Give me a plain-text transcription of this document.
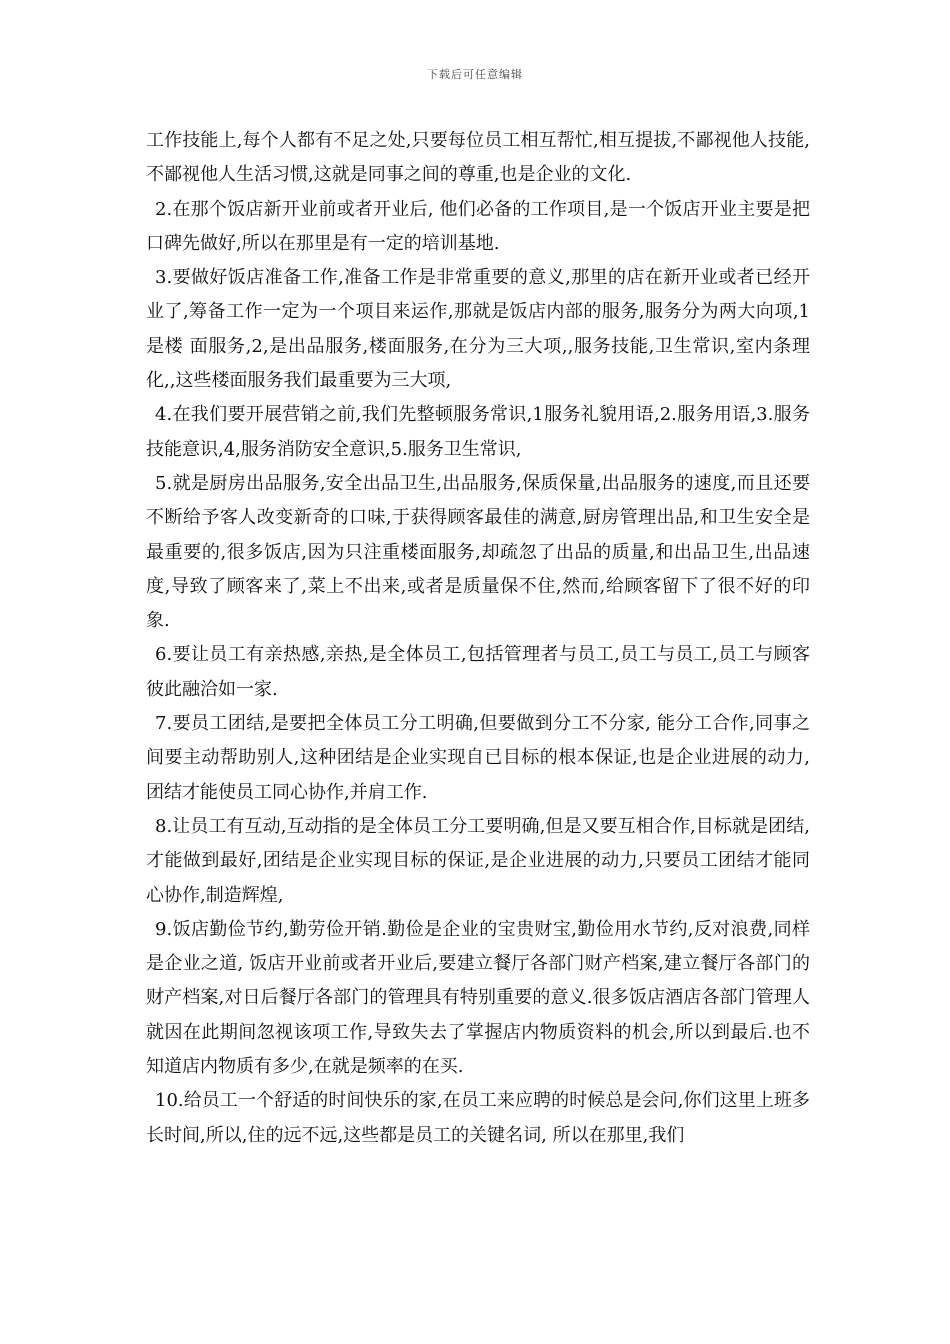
下载后可任意编辑

工作技能上,每个人都有不足之处,只要每位员工相互帮忙,相互提拔,不鄙视他人技能,不鄙视他人生活习惯,这就是同事之间的尊重,也是企业的文化.

2.在那个饭店新开业前或者开业后, 他们必备的工作项目,是一个饭店开业主要是把口碑先做好,所以在那里是有一定的培训基地.

3.要做好饭店准备工作,准备工作是非常重要的意义,那里的店在新开业或者已经开业了,筹备工作一定为一个项目来运作,那就是饭店内部的服务,服务分为两大向项,1是楼 面服务,2,是出品服务,楼面服务,在分为三大项,,服务技能,卫生常识,室内条理化,,这些楼面服务我们最重要为三大项,

4.在我们要开展营销之前,我们先整顿服务常识,1服务礼貌用语,2.服务用语,3.服务技能意识,4,服务消防安全意识,5.服务卫生常识,

5.就是厨房出品服务,安全出品卫生,出品服务,保质保量,出品服务的速度,而且还要不断给予客人改变新奇的口味,于获得顾客最佳的满意,厨房管理出品,和卫生安全是最重要的,很多饭店,因为只注重楼面服务,却疏忽了出品的质量,和出品卫生,出品速度,导致了顾客来了,菜上不出来,或者是质量保不住,然而,给顾客留下了很不好的印象.

6.要让员工有亲热感,亲热,是全体员工,包括管理者与员工,员工与员工,员工与顾客彼此融洽如一家.

7.要员工团结,是要把全体员工分工明确,但要做到分工不分家, 能分工合作,同事之间要主动帮助别人,这种团结是企业实现自已目标的根本保证,也是企业进展的动力,团结才能使员工同心协作,并肩工作.

8.让员工有互动,互动指的是全体员工分工要明确,但是又要互相合作,目标就是团结,才能做到最好,团结是企业实现目标的保证,是企业进展的动力,只要员工团结才能同心协作,制造辉煌,

9.饭店勤俭节约,勤劳俭开销.勤俭是企业的宝贵财宝,勤俭用水节约,反对浪费,同样是企业之道, 饭店开业前或者开业后,要建立餐厅各部门财产档案,建立餐厅各部门的财产档案,对日后餐厅各部门的管理具有特别重要的意义.很多饭店酒店各部门管理人就因在此期间忽视该项工作,导致失去了掌握店内物质资料的机会,所以到最后.也不知道店内物质有多少,在就是频率的在买.

10.给员工一个舒适的时间快乐的家,在员工来应聘的时候总是会问,你们这里上班多长时间,所以,住的远不远,这些都是员工的关键名词, 所以在那里,我们
